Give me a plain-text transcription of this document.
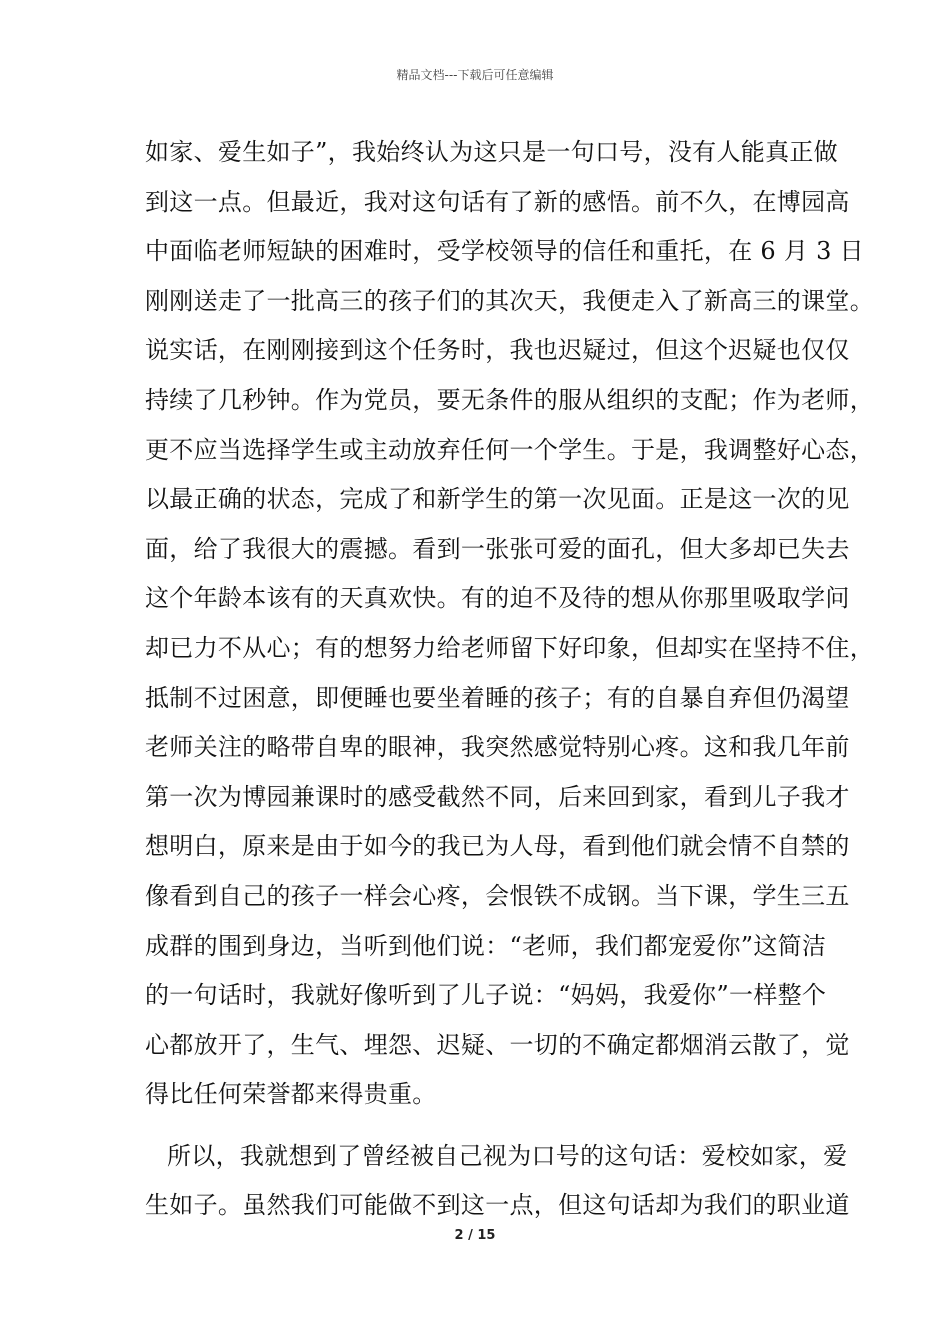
精品文档---下载后可任意编辑
如家、爱生如子”，我始终认为这只是一句口号，没有人能真正做
到这一点。但最近，我对这句话有了新的感悟。前不久，在博园高
中面临老师短缺的困难时，受学校领导的信任和重托，在 6 月 3 日
刚刚送走了一批高三的孩子们的其次天，我便走入了新高三的课堂。
说实话，在刚刚接到这个任务时，我也迟疑过，但这个迟疑也仅仅
持续了几秒钟。作为党员，要无条件的服从组织的支配；作为老师，
更不应当选择学生或主动放弃任何一个学生。于是，我调整好心态，
以最正确的状态，完成了和新学生的第一次见面。正是这一次的见
面，给了我很大的震撼。看到一张张可爱的面孔，但大多却已失去
这个年龄本该有的天真欢快。有的迫不及待的想从你那里吸取学问
却已力不从心；有的想努力给老师留下好印象，但却实在坚持不住，
抵制不过困意，即便睡也要坐着睡的孩子；有的自暴自弃但仍渴望
老师关注的略带自卑的眼神，我突然感觉特别心疼。这和我几年前
第一次为博园兼课时的感受截然不同，后来回到家，看到儿子我才
想明白，原来是由于如今的我已为人母，看到他们就会情不自禁的
像看到自己的孩子一样会心疼，会恨铁不成钢。当下课，学生三五
成群的围到身边，当听到他们说：“老师，我们都宠爱你”这简洁
的一句话时，我就好像听到了儿子说：“妈妈，我爱你”一样整个
心都放开了，生气、埋怨、迟疑、一切的不确定都烟消云散了，觉
得比任何荣誉都来得贵重。
所以，我就想到了曾经被自己视为口号的这句话：爱校如家，爱
生如子。虽然我们可能做不到这一点，但这句话却为我们的职业道
2 / 15
